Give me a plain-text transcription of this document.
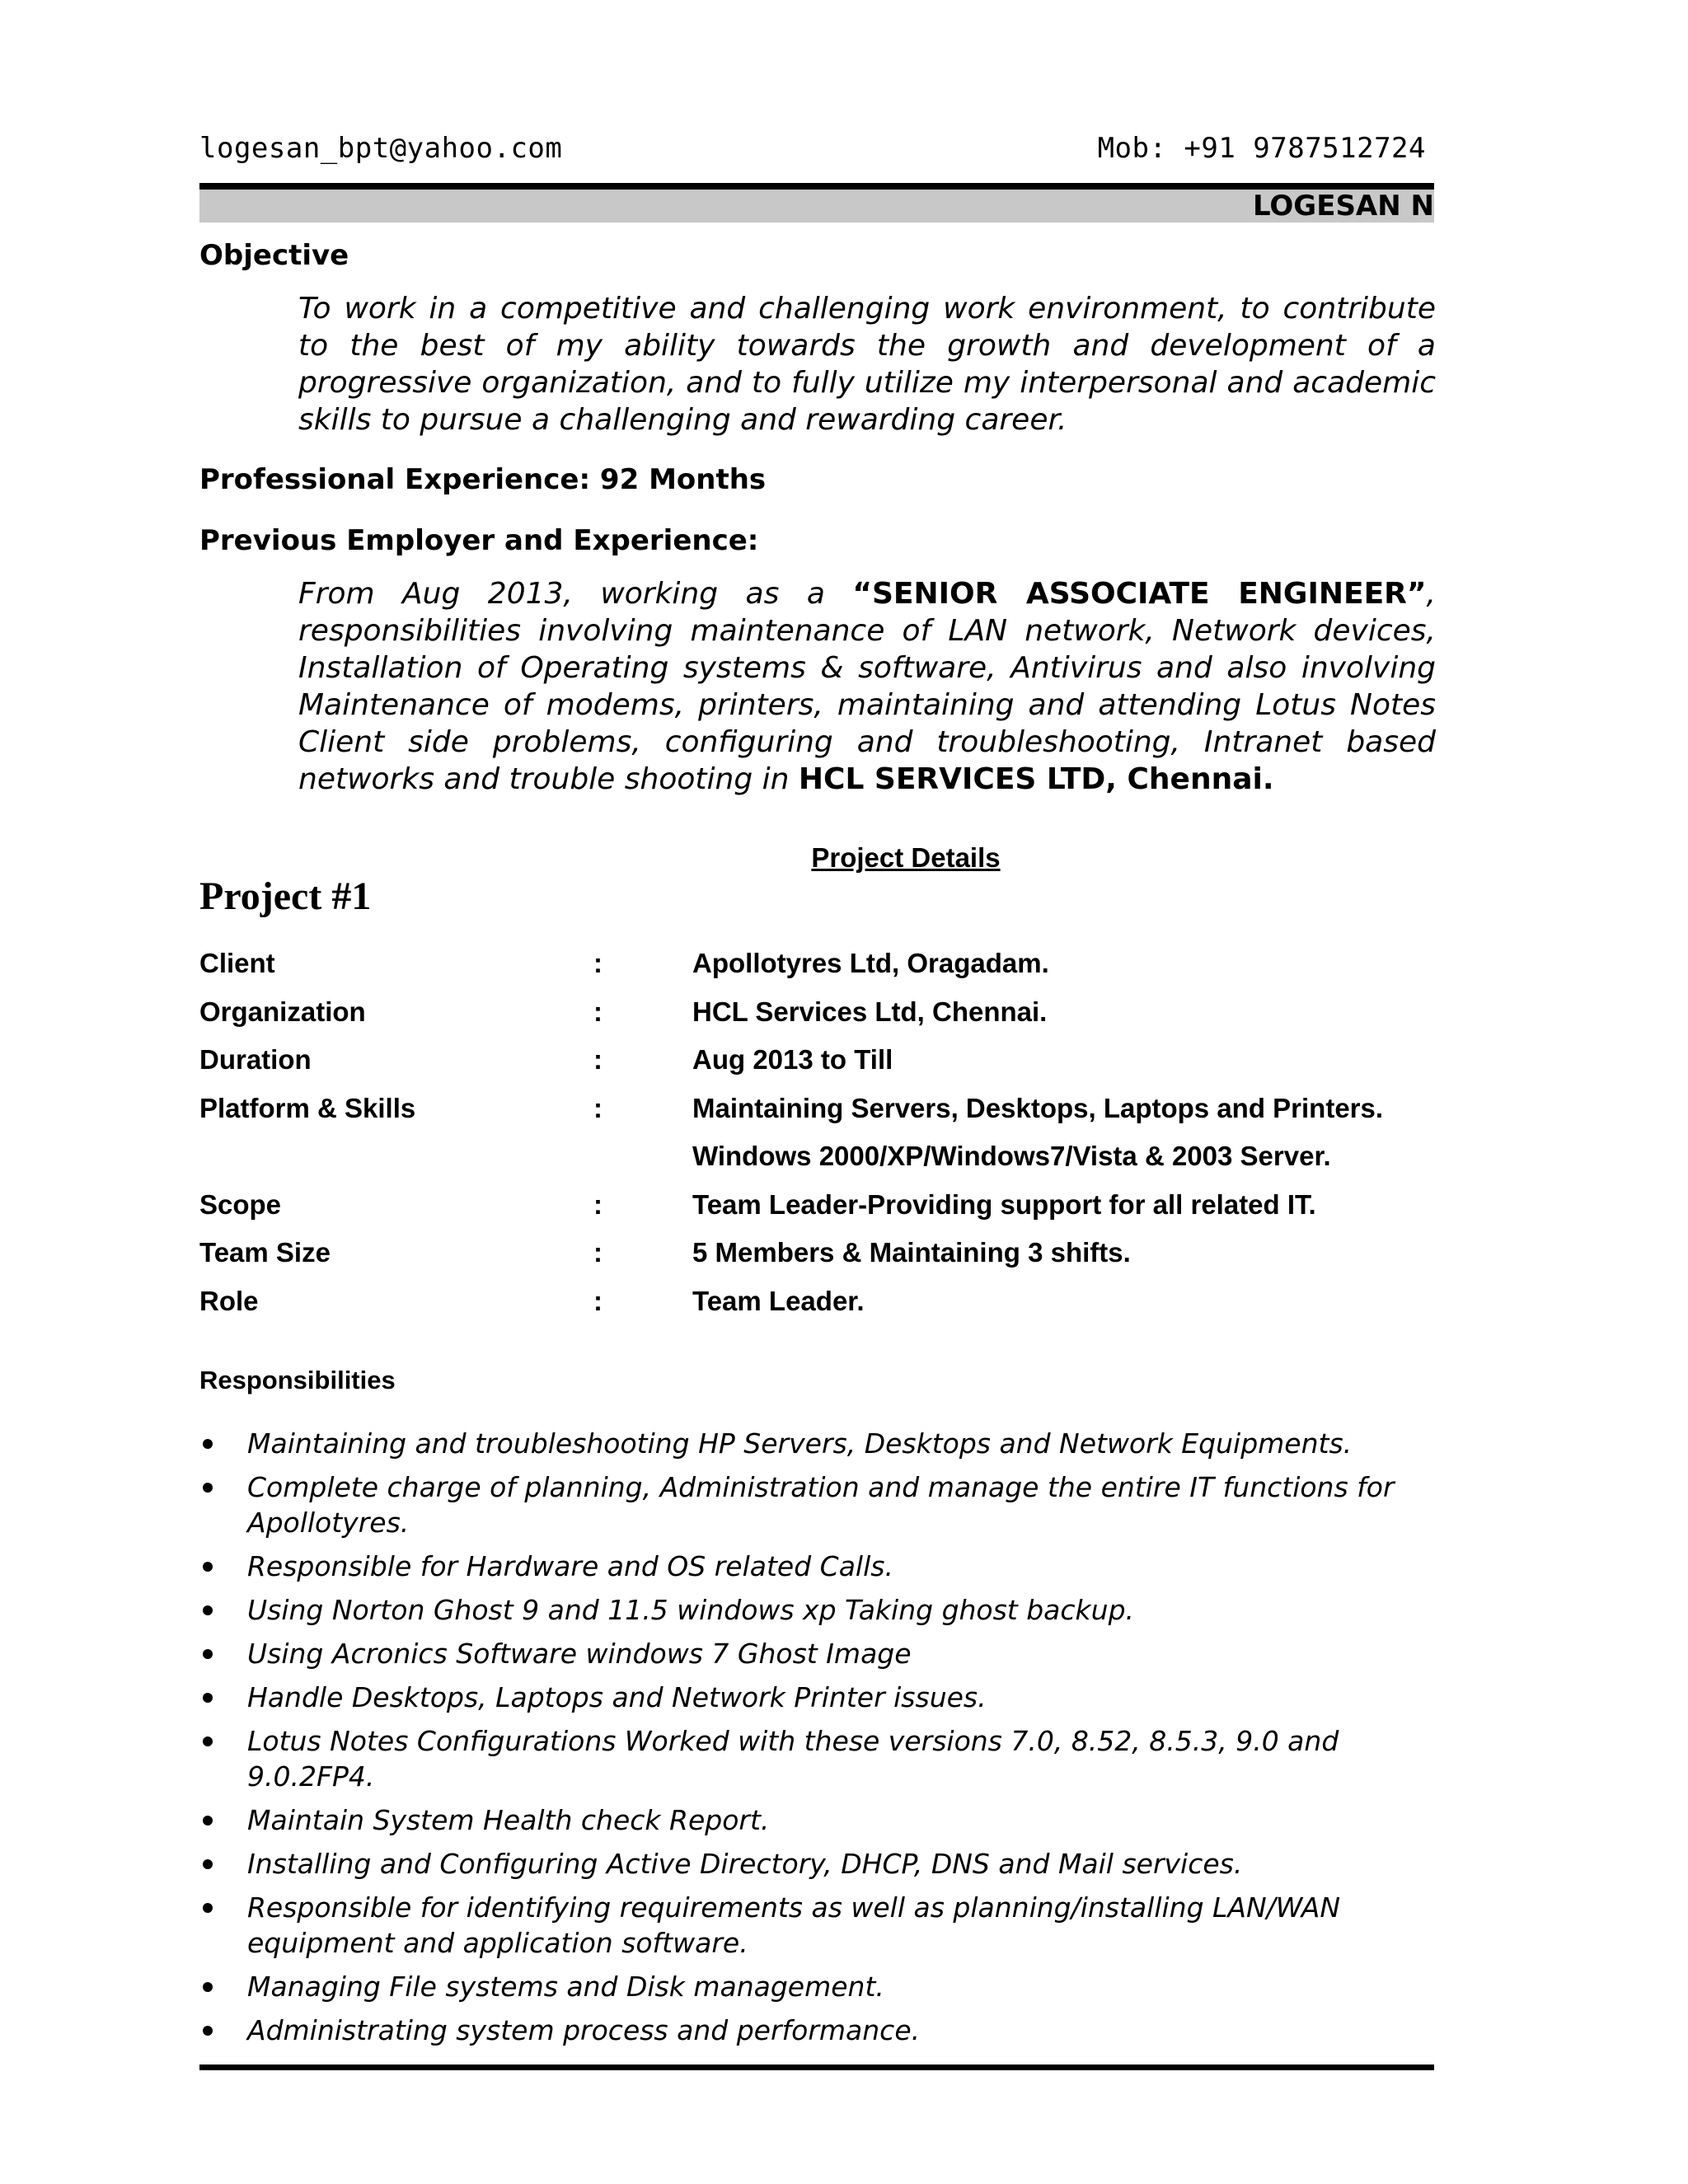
logesan_bpt@yahoo.com	Mob: +91 9787512724
LOGESAN N
Objective
To work in a competitive and challenging work environment, to contribute to the best of my ability towards the growth and development of a progressive organization, and to fully utilize my interpersonal and academic skills to pursue a challenging and rewarding career.
Professional Experience: 92 Months
Previous Employer and Experience:
From Aug 2013, working as a “SENIOR ASSOCIATE ENGINEER”, responsibilities involving maintenance of LAN network, Network devices, Installation of Operating systems & software, Antivirus and also involving Maintenance of modems, printers, maintaining and attending Lotus Notes Client side problems, configuring and troubleshooting, Intranet based networks and trouble shooting in HCL SERVICES LTD, Chennai.
Project Details
Project #1
Client	:	Apollotyres Ltd, Oragadam.
Organization	:	HCL Services Ltd, Chennai.
Duration	:	Aug 2013 to Till
Platform & Skills	:	Maintaining Servers, Desktops, Laptops and Printers.
Windows 2000/XP/Windows7/Vista & 2003 Server.
Scope	:	Team Leader-Providing support for all related IT.
Team Size	:	5 Members & Maintaining 3 shifts.
Role	:	Team Leader.
Responsibilities
Maintaining and troubleshooting HP Servers, Desktops and Network Equipments.
Complete charge of planning, Administration and manage the entire IT functions for Apollotyres.
Responsible for Hardware and OS related Calls.
Using Norton Ghost 9 and 11.5 windows xp Taking ghost backup.
Using Acronics Software windows 7 Ghost Image
Handle Desktops, Laptops and Network Printer issues.
Lotus Notes Configurations Worked with these versions 7.0, 8.52, 8.5.3, 9.0 and 9.0.2FP4.
Maintain System Health check Report.
Installing and Configuring Active Directory, DHCP, DNS and Mail services.
Responsible for identifying requirements as well as planning/installing LAN/WAN equipment and application software.
Managing File systems and Disk management.
Administrating system process and performance.
